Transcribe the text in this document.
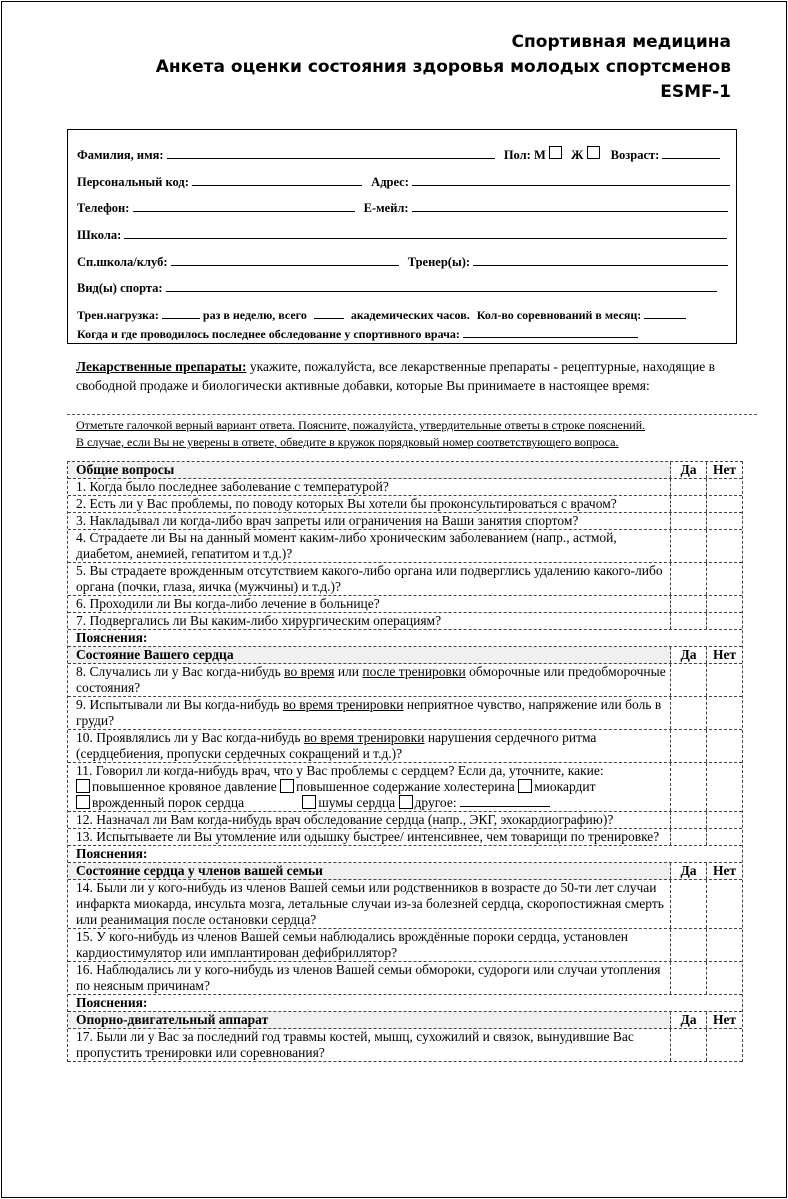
Спортивная медицина
Анкета оценки состояния здоровья молодых спортсменов
ESMF-1
Фамилия, имя:	Пол: М Ж Возраст:
Персональный код:	Адрес:
Телефон:	Е-мейл:
Школа:
Сп.школа/клуб:	Тренер(ы):
Вид(ы) спорта:
Трен.нагрузка:	раз в неделю, всего	академических часов. Кол-во соревнований в месяц:
Когда и где проводилось последнее обследование у спортивного врача:
Лекарственные препараты: укажите, пожалуйста, все лекарственные препараты - рецептурные, находящие в свободной продаже и биологически активные добавки, которые Вы принимаете в настоящее время:
Отметьте галочкой верный вариант ответа. Поясните, пожалуйста, утвердительные ответы в строке пояснений.
В случае, если Вы не уверены в ответе, обведите в кружок порядковый номер соответствующего вопроса.
Общие вопросы	Да	Нет
1. Когда было последнее заболевание с температурой?
2. Есть ли у Вас проблемы, по поводу которых Вы хотели бы проконсультироваться с врачом?
3. Накладывал ли когда-либо врач запреты или ограничения на Ваши занятия спортом?
4. Страдаете ли Вы на данный момент каким-либо хроническим заболеванием (напр., астмой, диабетом, анемией, гепатитом и т.д.)?
5. Вы страдаете врожденным отсутствием какого-либо органа или подверглись удалению какого-либо органа (почки, глаза, яичка (мужчины) и т.д.)?
6. Проходили ли Вы когда-либо лечение в больнице?
7. Подвергались ли Вы каким-либо хирургическим операциям?
Пояснения:
Состояние Вашего сердца	Да	Нет
8. Случались ли у Вас когда-нибудь во время или после тренировки обморочные или предобморочные состояния?
9. Испытывали ли Вы когда-нибудь во время тренировки неприятное чувство, напряжение или боль в груди?
10. Проявлялись ли у Вас когда-нибудь во время тренировки нарушения сердечного ритма (сердцебиения, пропуски сердечных сокращений и т.д.)?
11. Говорил ли когда-нибудь врач, что у Вас проблемы с сердцем? Если да, уточните, какие:
повышенное кровяное давление повышенное содержание холестерина миокардит
врожденный порок сердца	шумы сердца другое:
12. Назначал ли Вам когда-нибудь врач обследование сердца (напр., ЭКГ, эхокардиографию)?
13. Испытываете ли Вы утомление или одышку быстрее/ интенсивнее, чем товарищи по тренировке?
Пояснения:
Состояние сердца у членов вашей семьи	Да	Нет
14. Были ли у кого-нибудь из членов Вашей семьи или родственников в возрасте до 50-ти лет случаи инфаркта миокарда, инсульта мозга, летальные случаи из-за болезней сердца, скоропостижная смерть или реанимация после остановки сердца?
15. У кого-нибудь из членов Вашей семьи наблюдались врождённые пороки сердца, установлен кардиостимулятор или имплантирован дефибриллятор?
16. Наблюдались ли у кого-нибудь из членов Вашей семьи обмороки, судороги или случаи утопления по неясным причинам?
Пояснения:
Опорно-двигательный аппарат	Да	Нет
17. Были ли у Вас за последний год травмы костей, мышц, сухожилий и связок, вынудившие Вас пропустить тренировки или соревнования?
